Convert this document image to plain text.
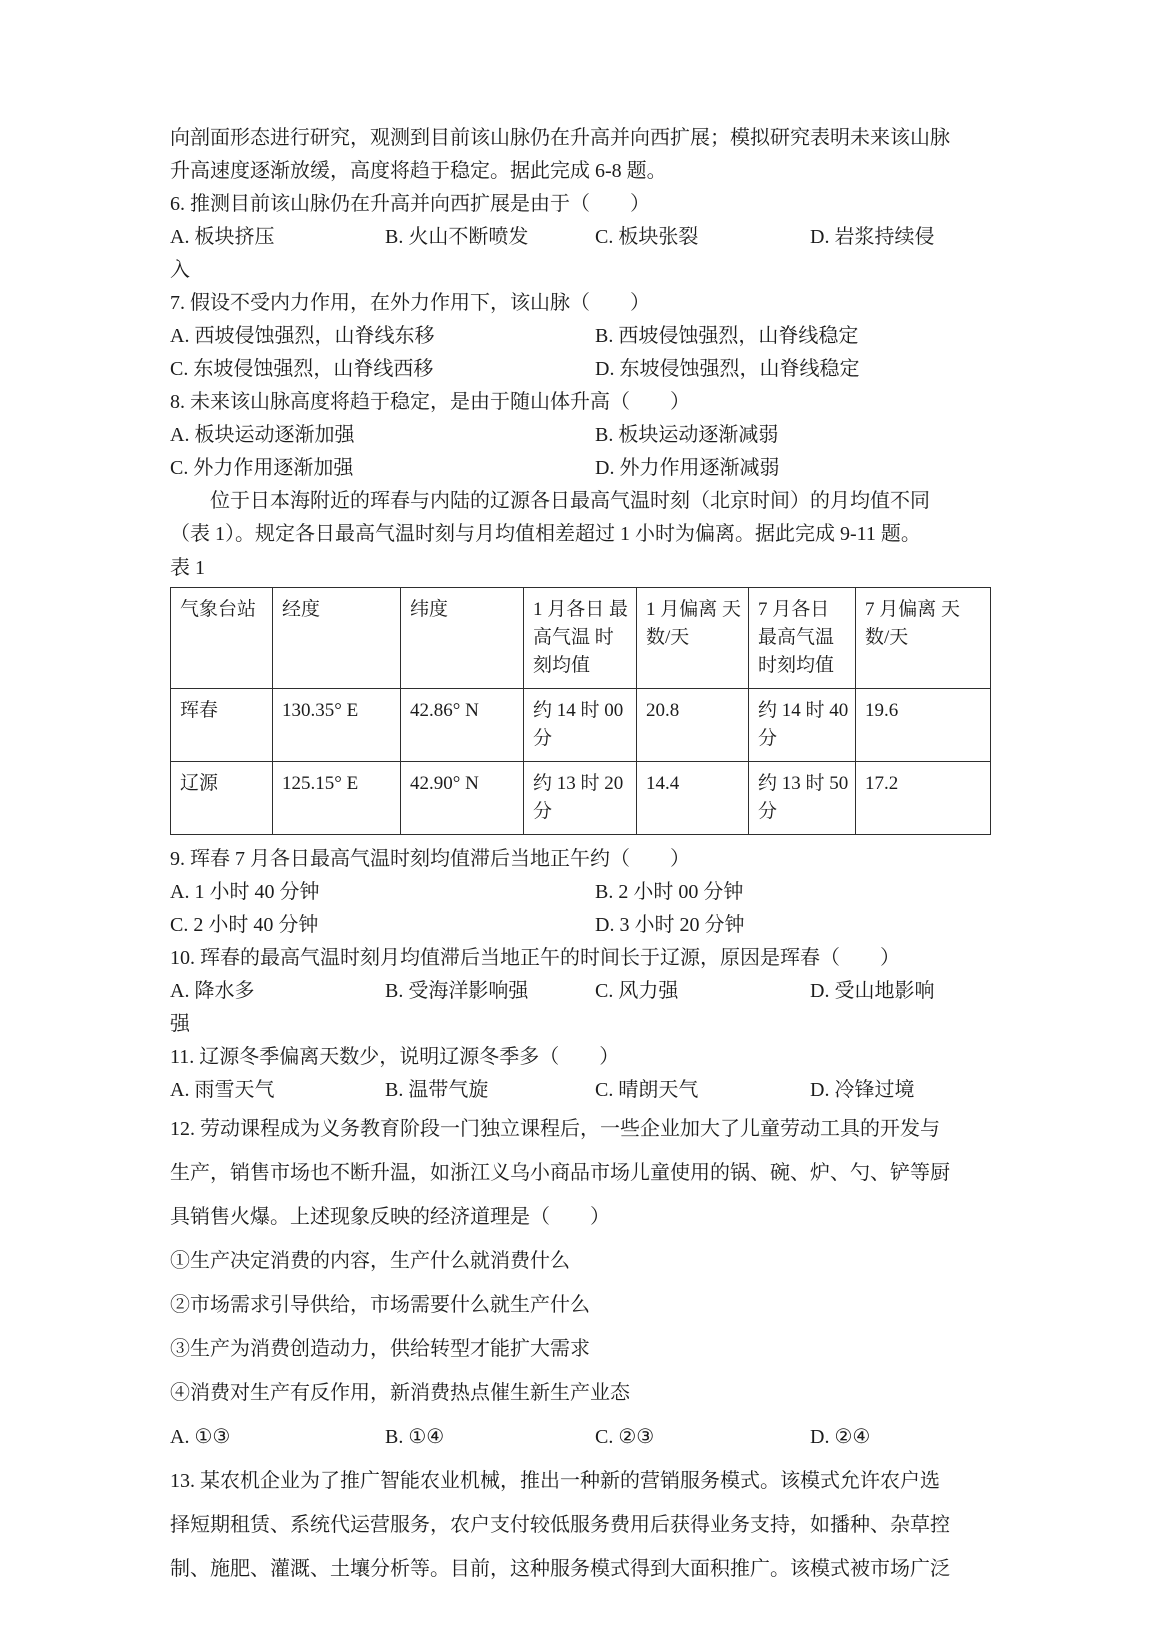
向剖面形态进行研究，观测到目前该山脉仍在升高并向西扩展；模拟研究表明未来该山脉
升高速度逐渐放缓，高度将趋于稳定。据此完成 6-8 题。
6. 推测目前该山脉仍在升高并向西扩展是由于（　　）
A. 板块挤压	B. 火山不断喷发	C. 板块张裂	D. 岩浆持续侵
入
7. 假设不受内力作用，在外力作用下，该山脉（　　）
A. 西坡侵蚀强烈，山脊线东移	B. 西坡侵蚀强烈，山脊线稳定
C. 东坡侵蚀强烈，山脊线西移	D. 东坡侵蚀强烈，山脊线稳定
8. 未来该山脉高度将趋于稳定，是由于随山体升高（　　）
A. 板块运动逐渐加强	B. 板块运动逐渐减弱
C. 外力作用逐渐加强	D. 外力作用逐渐减弱
位于日本海附近的珲春与内陆的辽源各日最高气温时刻（北京时间）的月均值不同
（表 1）。规定各日最高气温时刻与月均值相差超过 1 小时为偏离。据此完成 9-11 题。
表 1
气象台站	经度	纬度	1 月各日 最高气温 时刻均值	1 月偏离 天数/天	7 月各日 最高气温 时刻均值	7 月偏离 天数/天
珲春	130.35° E	42.86° N	约 14 时 00 分	20.8	约 14 时 40 分	19.6
辽源	125.15° E	42.90° N	约 13 时 20 分	14.4	约 13 时 50 分	17.2
9. 珲春 7 月各日最高气温时刻均值滞后当地正午约（　　）
A. 1 小时 40 分钟	B. 2 小时 00 分钟
C. 2 小时 40 分钟	D. 3 小时 20 分钟
10. 珲春的最高气温时刻月均值滞后当地正午的时间长于辽源，原因是珲春（　　）
A. 降水多	B. 受海洋影响强	C. 风力强	D. 受山地影响
强
11. 辽源冬季偏离天数少，说明辽源冬季多（　　）
A. 雨雪天气	B. 温带气旋	C. 晴朗天气	D. 冷锋过境
12. 劳动课程成为义务教育阶段一门独立课程后，一些企业加大了儿童劳动工具的开发与
生产，销售市场也不断升温，如浙江义乌小商品市场儿童使用的锅、碗、炉、勺、铲等厨
具销售火爆。上述现象反映的经济道理是（　　）
①生产决定消费的内容，生产什么就消费什么
②市场需求引导供给，市场需要什么就生产什么
③生产为消费创造动力，供给转型才能扩大需求
④消费对生产有反作用，新消费热点催生新生产业态
A. ①③	B. ①④	C. ②③	D. ②④
13. 某农机企业为了推广智能农业机械，推出一种新的营销服务模式。该模式允许农户选
择短期租赁、系统代运营服务，农户支付较低服务费用后获得业务支持，如播种、杂草控
制、施肥、灌溉、土壤分析等。目前，这种服务模式得到大面积推广。该模式被市场广泛
